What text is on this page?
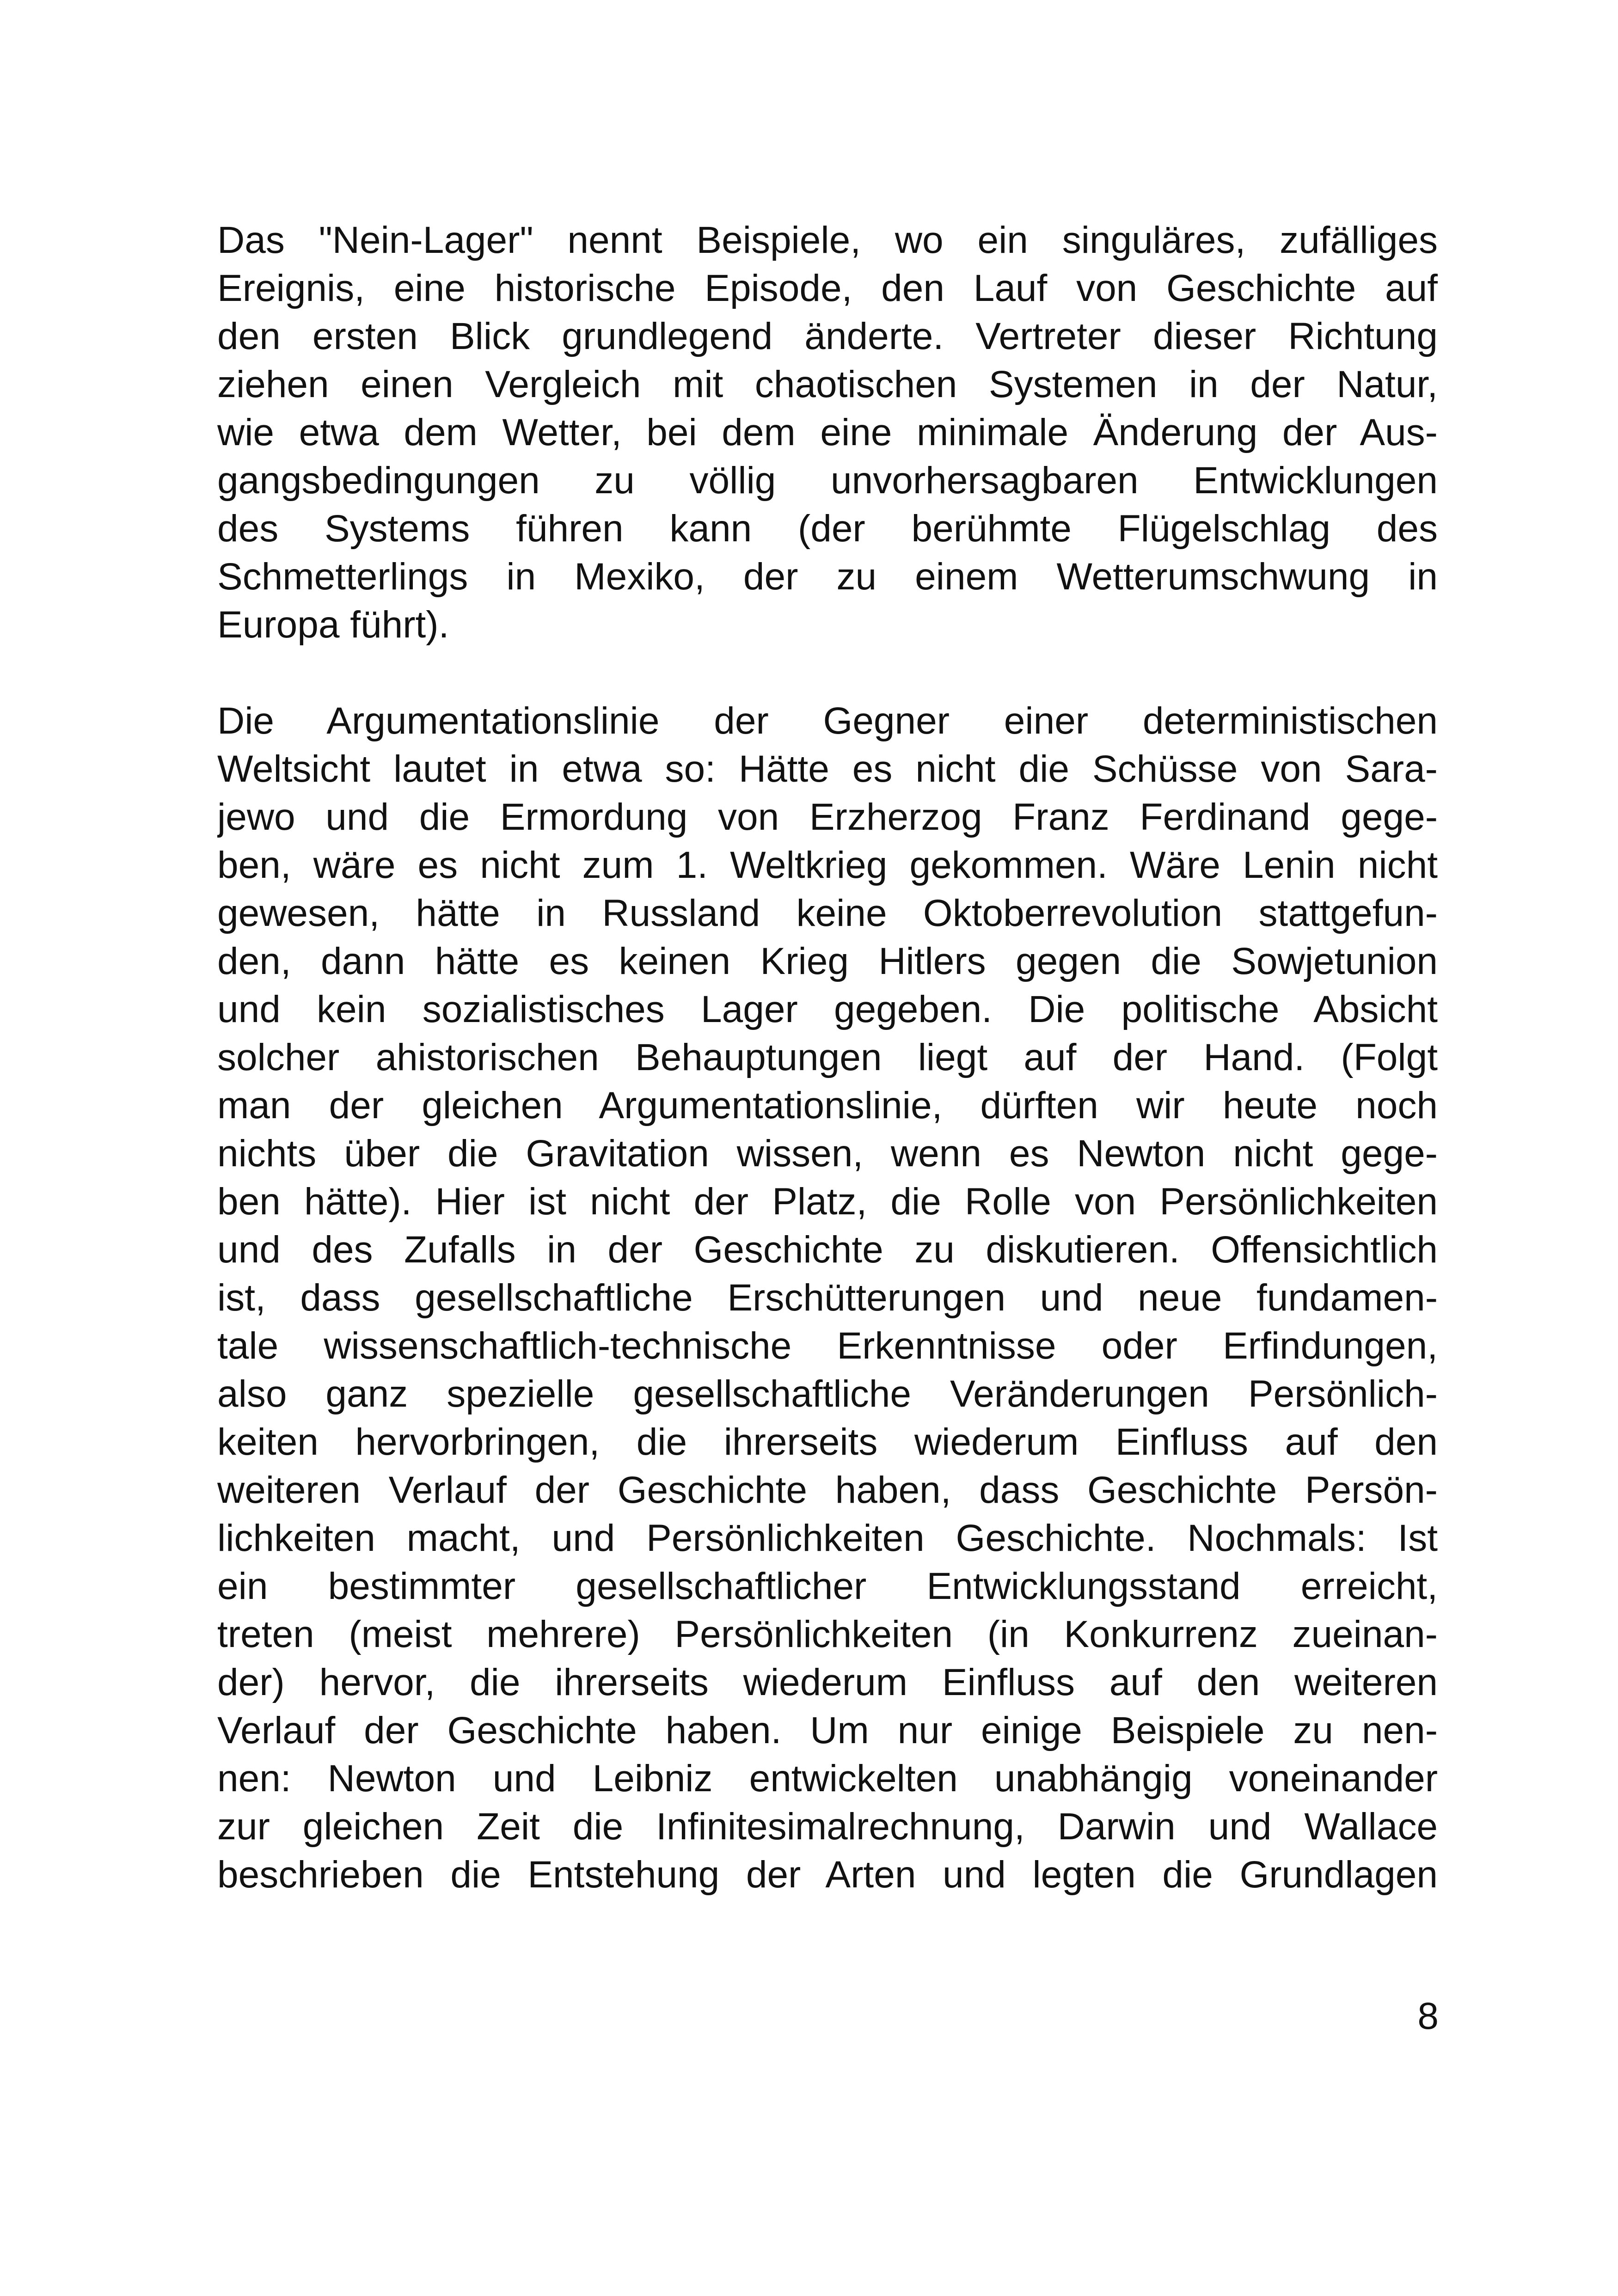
Das "Nein-Lager" nennt Beispiele, wo ein singuläres, zufälliges
Ereignis, eine historische Episode, den Lauf von Geschichte auf
den ersten Blick grundlegend änderte. Vertreter dieser Richtung
ziehen einen Vergleich mit chaotischen Systemen in der Natur,
wie etwa dem Wetter, bei dem eine minimale Änderung der Aus-
gangsbedingungen zu völlig unvorhersagbaren Entwicklungen
des Systems führen kann (der berühmte Flügelschlag des
Schmetterlings in Mexiko, der zu einem Wetterumschwung in
Europa führt).
Die Argumentationslinie der Gegner einer deterministischen
Weltsicht lautet in etwa so: Hätte es nicht die Schüsse von Sara-
jewo und die Ermordung von Erzherzog Franz Ferdinand gege-
ben, wäre es nicht zum 1. Weltkrieg gekommen. Wäre Lenin nicht
gewesen, hätte in Russland keine Oktoberrevolution stattgefun-
den, dann hätte es keinen Krieg Hitlers gegen die Sowjetunion
und kein sozialistisches Lager gegeben. Die politische Absicht
solcher ahistorischen Behauptungen liegt auf der Hand. (Folgt
man der gleichen Argumentationslinie, dürften wir heute noch
nichts über die Gravitation wissen, wenn es Newton nicht gege-
ben hätte). Hier ist nicht der Platz, die Rolle von Persönlichkeiten
und des Zufalls in der Geschichte zu diskutieren. Offensichtlich
ist, dass gesellschaftliche Erschütterungen und neue fundamen-
tale wissenschaftlich-technische Erkenntnisse oder Erfindungen,
also ganz spezielle gesellschaftliche Veränderungen Persönlich-
keiten hervorbringen, die ihrerseits wiederum Einfluss auf den
weiteren Verlauf der Geschichte haben, dass Geschichte Persön-
lichkeiten macht, und Persönlichkeiten Geschichte. Nochmals: Ist
ein bestimmter gesellschaftlicher Entwicklungsstand erreicht,
treten (meist mehrere) Persönlichkeiten (in Konkurrenz zueinan-
der) hervor, die ihrerseits wiederum Einfluss auf den weiteren
Verlauf der Geschichte haben. Um nur einige Beispiele zu nen-
nen: Newton und Leibniz entwickelten unabhängig voneinander
zur gleichen Zeit die Infinitesimalrechnung, Darwin und Wallace
beschrieben die Entstehung der Arten und legten die Grundlagen
8
